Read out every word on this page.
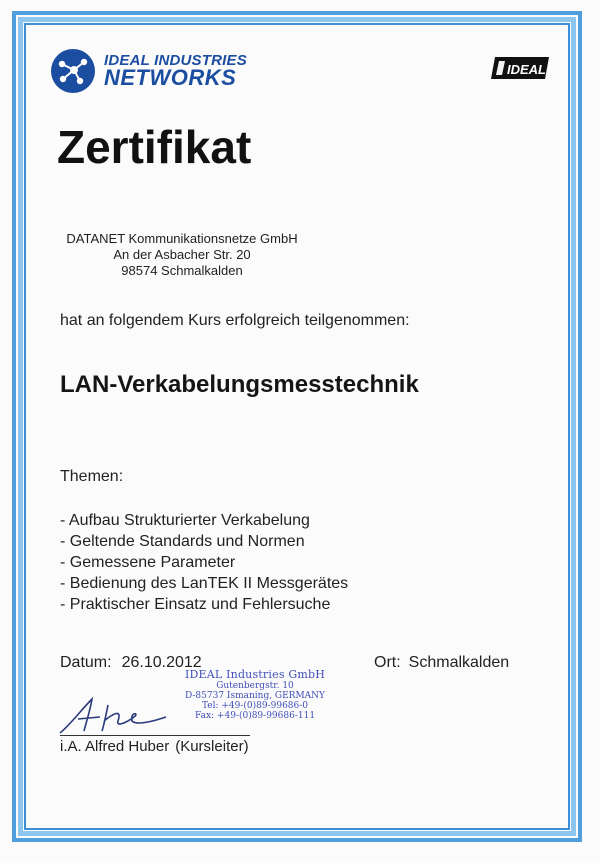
IDEAL INDUSTRIES
NETWORKS	IDEAL
Zertifikat
DATANET Kommunikationsnetze GmbH
An der Asbacher Str. 20
98574 Schmalkalden
hat an folgendem Kurs erfolgreich teilgenommen:
LAN-Verkabelungsmesstechnik
Themen:
- Aufbau Strukturierter Verkabelung
- Geltende Standards und Normen
- Gemessene Parameter
- Bedienung des LanTEK II Messgerätes
- Praktischer Einsatz und Fehlersuche
Datum: 26.10.2012	Ort: Schmalkalden
IDEAL Industries GmbH
Gutenbergstr. 10
D-85737 Ismaning, GERMANY
Tel: +49-(0)89-99686-0
Fax: +49-(0)89-99686-111
i.A. Alfred Huber (Kursleiter)
